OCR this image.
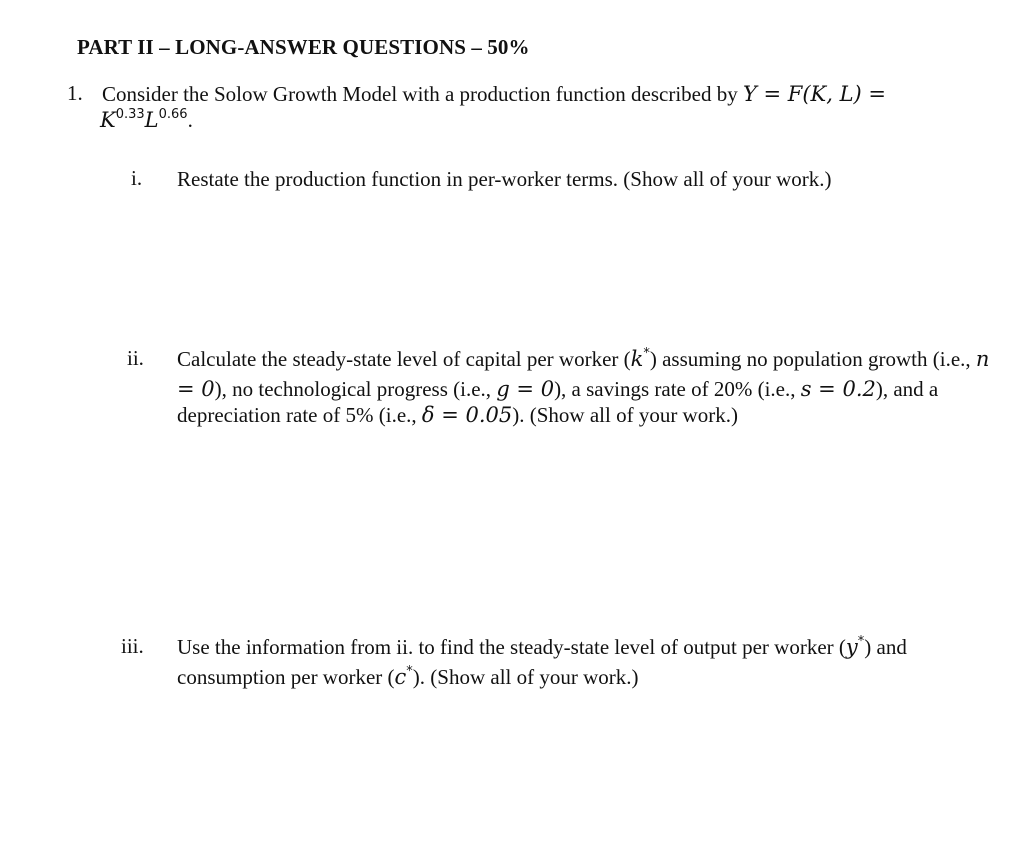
PART II – LONG-ANSWER QUESTIONS – 50%
1. Consider the Solow Growth Model with a production function described by Y = F(K, L) =
$K^{0.33}L^{0.66}$.
i. Restate the production function in per-worker terms. (Show all of your work.)
ii. Calculate the steady-state level of capital per worker (k*) assuming no population growth (i.e., n = 0), no technological progress (i.e., g = 0), a savings rate of 20% (i.e., s = 0.2), and a depreciation rate of 5% (i.e., δ = 0.05). (Show all of your work.)
iii. Use the information from ii. to find the steady-state level of output per worker (y*) and consumption per worker (c*). (Show all of your work.)
